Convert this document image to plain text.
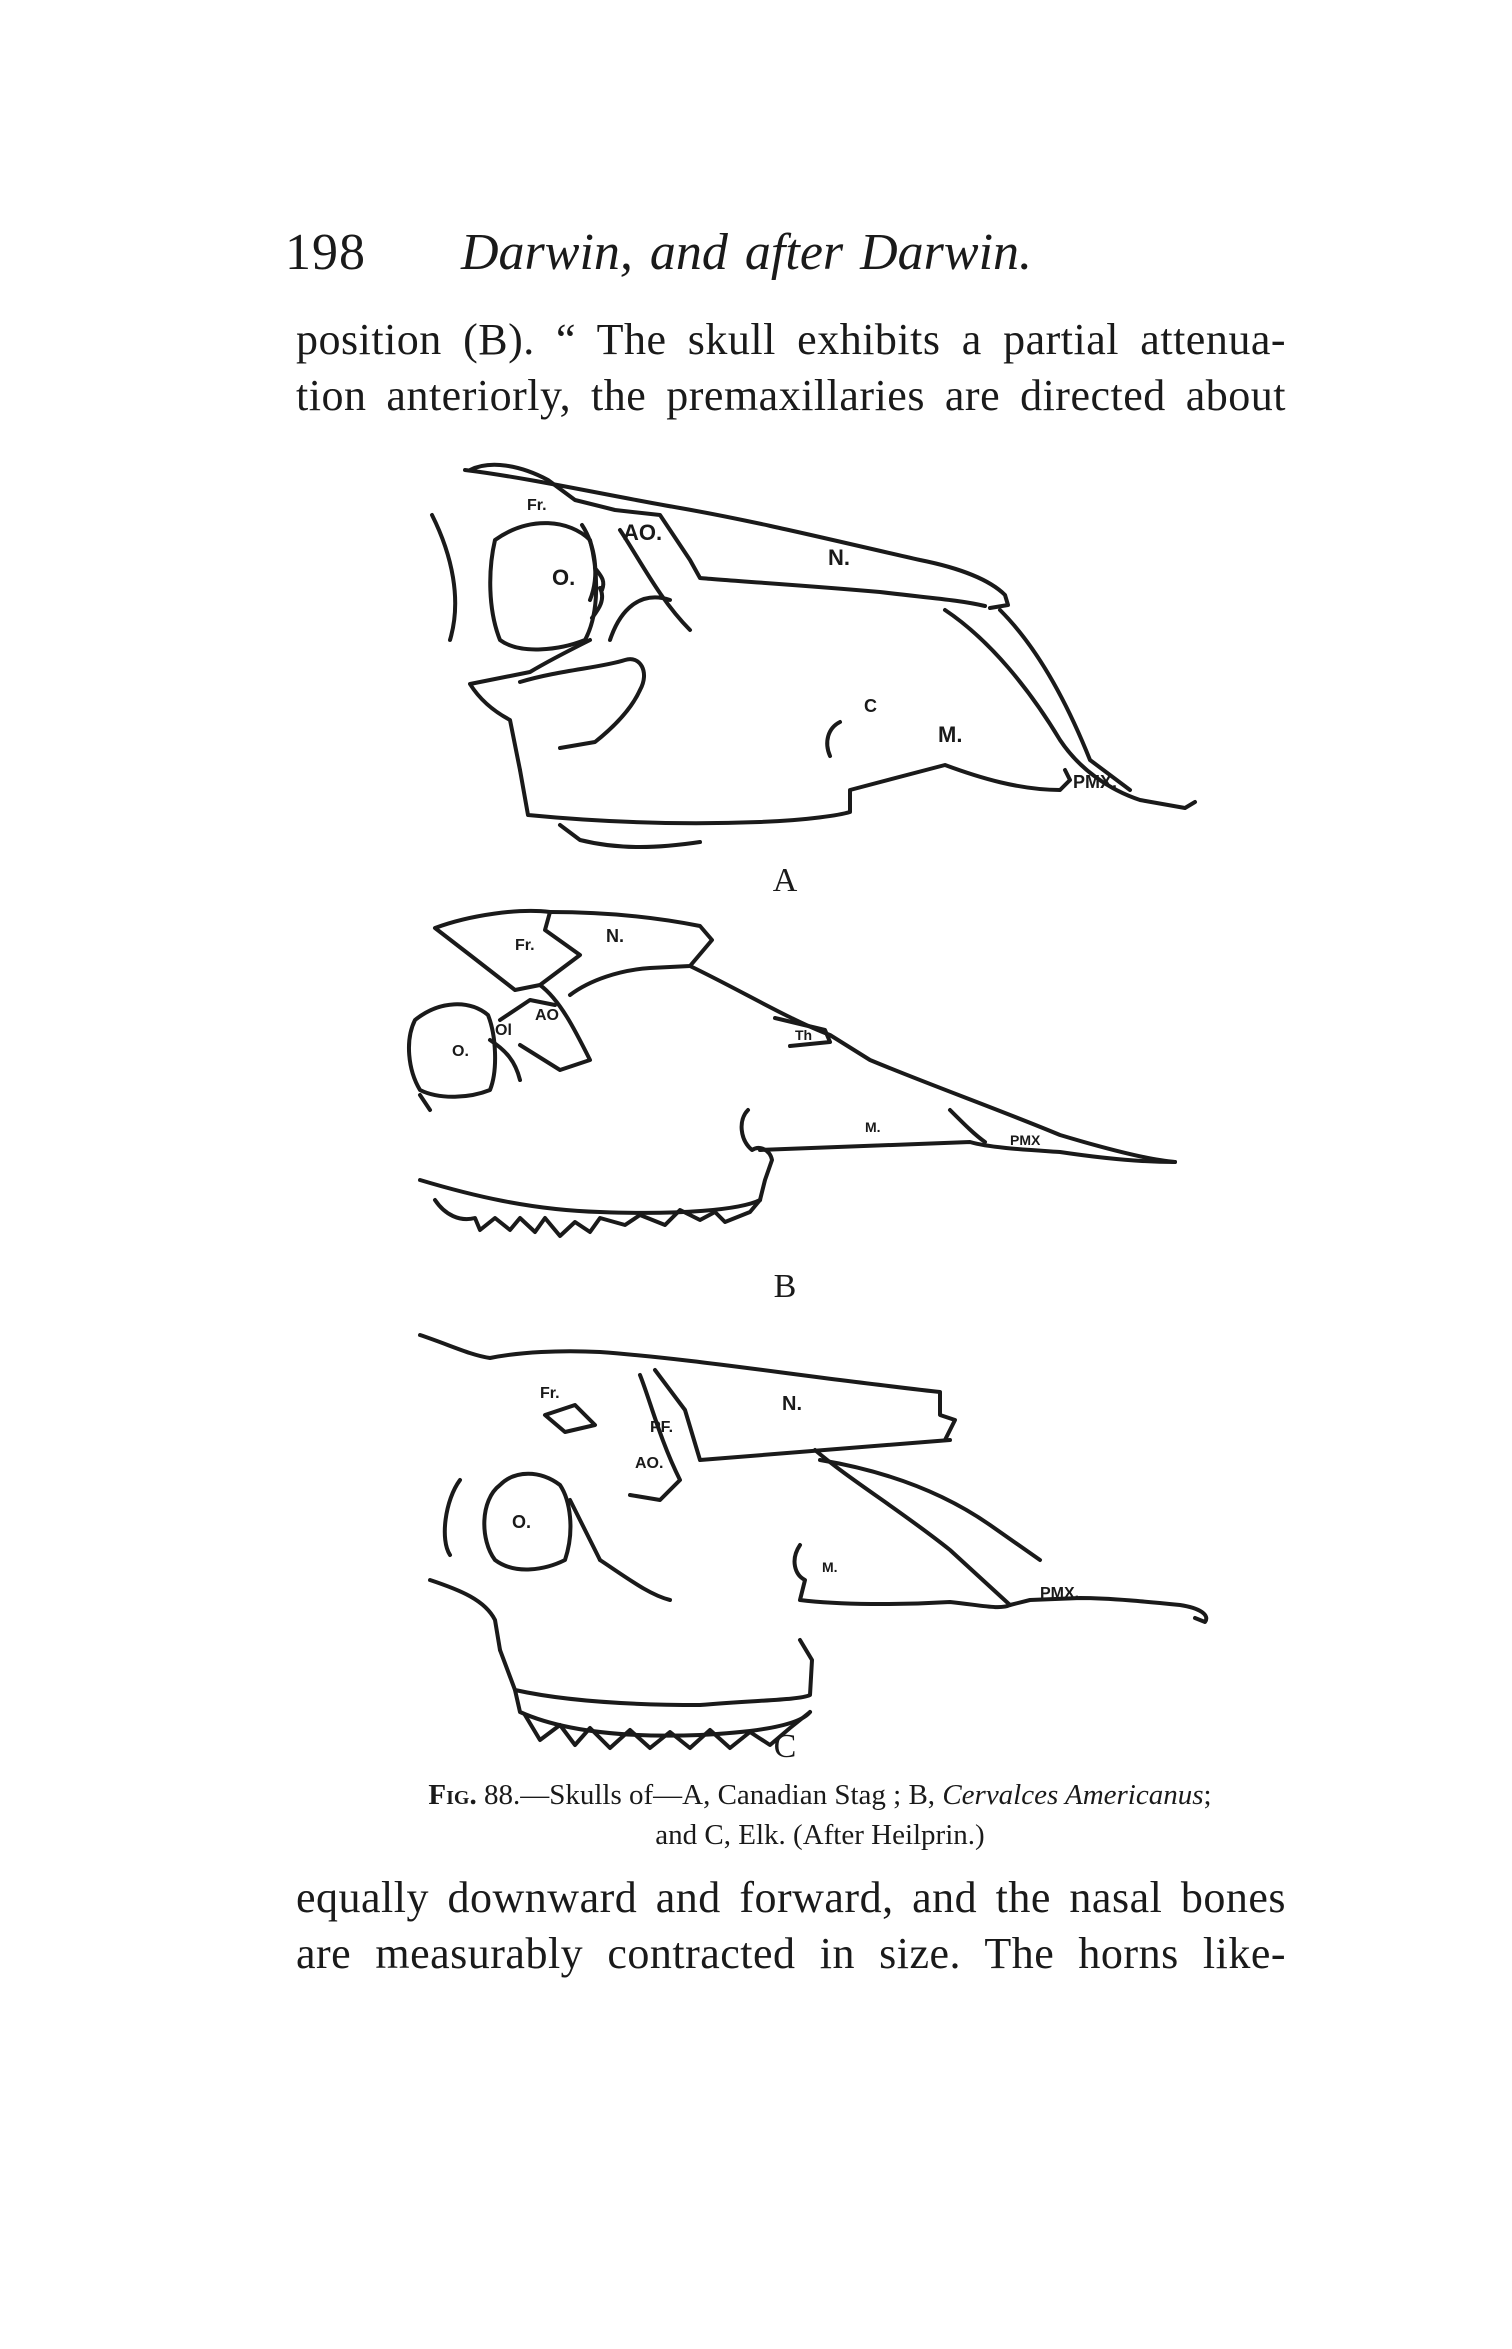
198 Darwin, and after Darwin.
position (B). “ The skull exhibits a partial attenua-
tion anteriorly, the premaxillaries are directed about
Fr.
AO.
O.
N.
C
M.
PMX.
Fr.	N.
AO
O.
Ol
M.
PMX
Th
Fr.	N.
PF.
AO.
O.
M.
PMX.
A
B
C
Fig. 88.—Skulls of—A, Canadian Stag ; B, Cervalces Americanus;
and C, Elk. (After Heilprin.)
equally downward and forward, and the nasal bones
are measurably contracted in size. The horns like-
